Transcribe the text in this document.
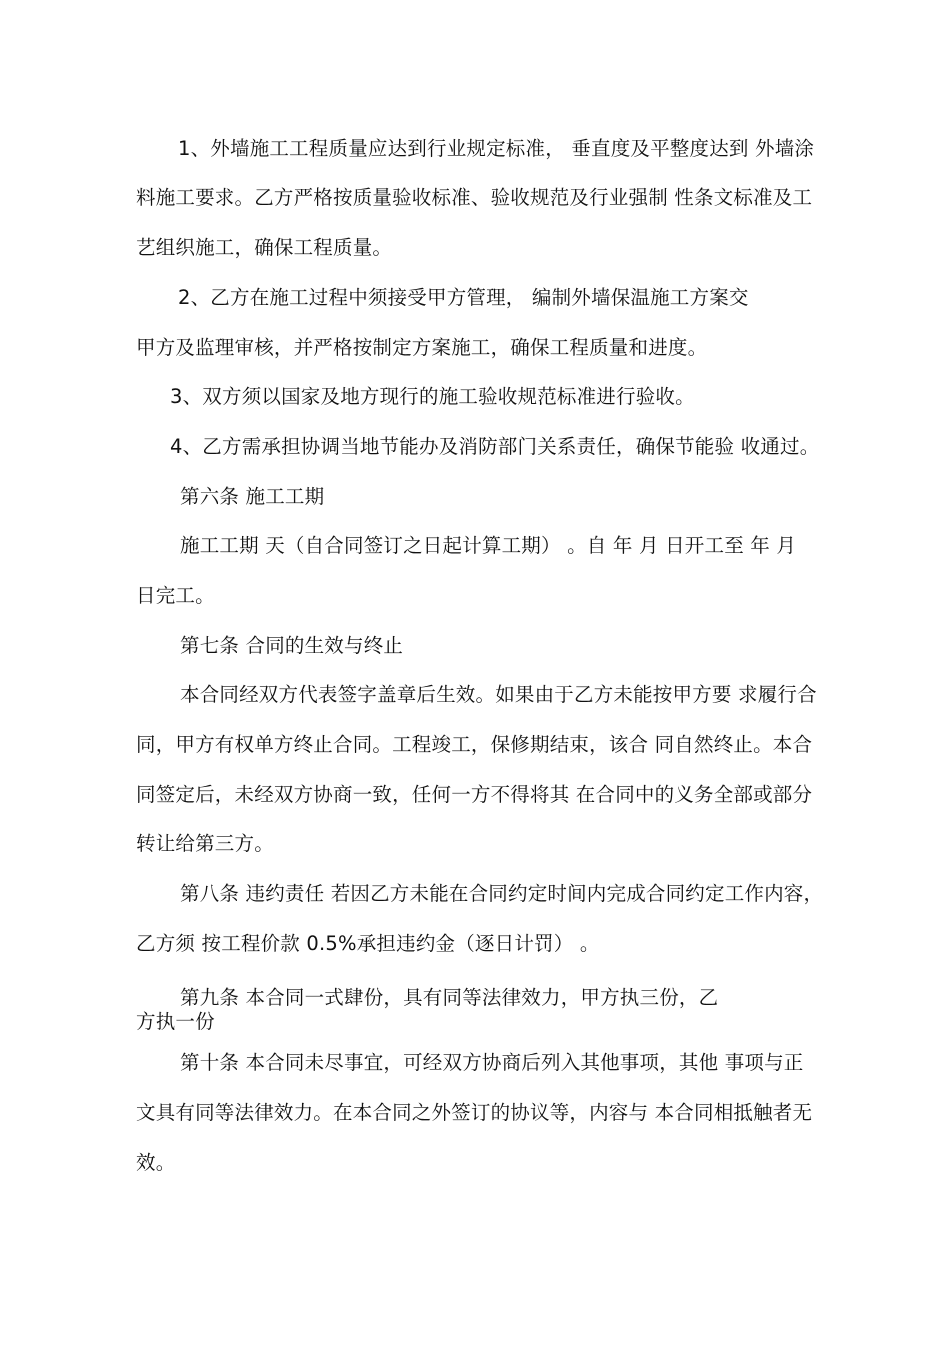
1、外墙施工工程质量应达到行业规定标准， 垂直度及平整度达到 外墙涂
料施工要求。乙方严格按质量验收标准、验收规范及行业强制 性条文标准及工
艺组织施工，确保工程质量。
2、乙方在施工过程中须接受甲方管理， 编制外墙保温施工方案交
甲方及监理审核，并严格按制定方案施工，确保工程质量和进度。
3、双方须以国家及地方现行的施工验收规范标准进行验收。
4、乙方需承担协调当地节能办及消防部门关系责任，确保节能验 收通过。
第六条 施工工期
施工工期 天（自合同签订之日起计算工期） 。自 年 月 日开工至 年 月
日完工。
第七条 合同的生效与终止
本合同经双方代表签字盖章后生效。如果由于乙方未能按甲方要 求履行合
同，甲方有权单方终止合同。工程竣工，保修期结束，该合 同自然终止。本合
同签定后，未经双方协商一致，任何一方不得将其 在合同中的义务全部或部分
转让给第三方。
第八条 违约责任 若因乙方未能在合同约定时间内完成合同约定工作内容，
乙方须 按工程价款 0.5%承担违约金（逐日计罚） 。
第九条 本合同一式肆份，具有同等法律效力，甲方执三份，乙
方执一份
第十条 本合同未尽事宜，可经双方协商后列入其他事项，其他 事项与正
文具有同等法律效力。在本合同之外签订的协议等，内容与 本合同相抵触者无
效。
